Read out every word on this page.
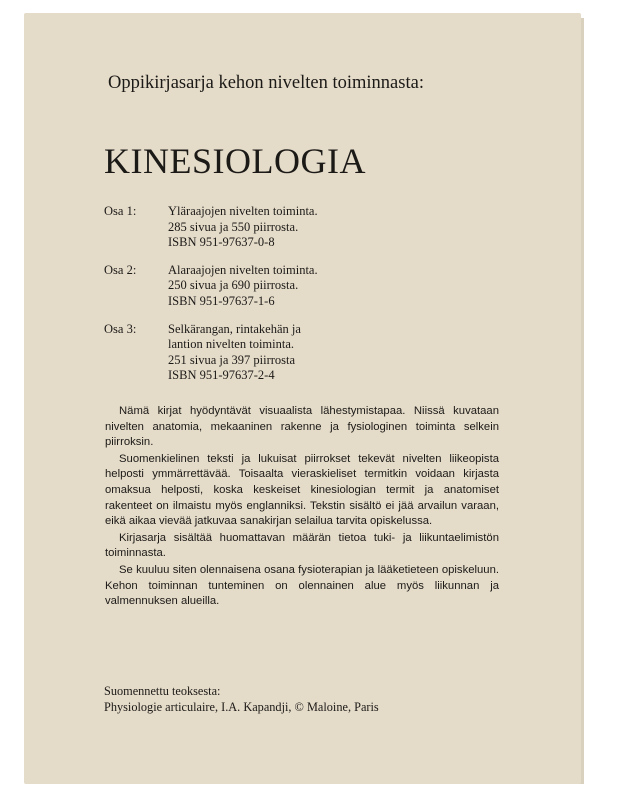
Oppikirjasarja kehon nivelten toiminnasta:
KINESIOLOGIA
Osa 1:	Yläraajojen nivelten toiminta.
285 sivua ja 550 piirrosta.
ISBN 951-97637-0-8
Osa 2:	Alaraajojen nivelten toiminta.
250 sivua ja 690 piirrosta.
ISBN 951-97637-1-6
Osa 3:	Selkärangan, rintakehän ja
lantion nivelten toiminta.
251 sivua ja 397 piirrosta
ISBN 951-97637-2-4

Nämä kirjat hyödyntävät visuaalista lähestymistapaa. Niissä kuvataan nivelten anatomia, mekaaninen rakenne ja fysiologinen toiminta selkein piirroksin.

Suomenkielinen teksti ja lukuisat piirrokset tekevät nivelten liikeopista helposti ymmärrettävää. Toisaalta vieraskieliset termitkin voidaan kirjasta omaksua helposti, koska keskeiset kinesiologian termit ja anatomiset rakenteet on ilmaistu myös englanniksi. Tekstin sisältö ei jää arvailun varaan, eikä aikaa vievää jatkuvaa sanakirjan selailua tarvita opiskelussa.

Kirjasarja sisältää huomattavan määrän tietoa tuki- ja liikuntaelimistön toiminnasta.

Se kuuluu siten olennaisena osana fysioterapian ja lääketieteen opiskeluun. Kehon toiminnan tunteminen on olennainen alue myös liikunnan ja valmennuksen alueilla.

Suomennettu teoksesta:
Physiologie articulaire, I.A. Kapandji, © Maloine, Paris
